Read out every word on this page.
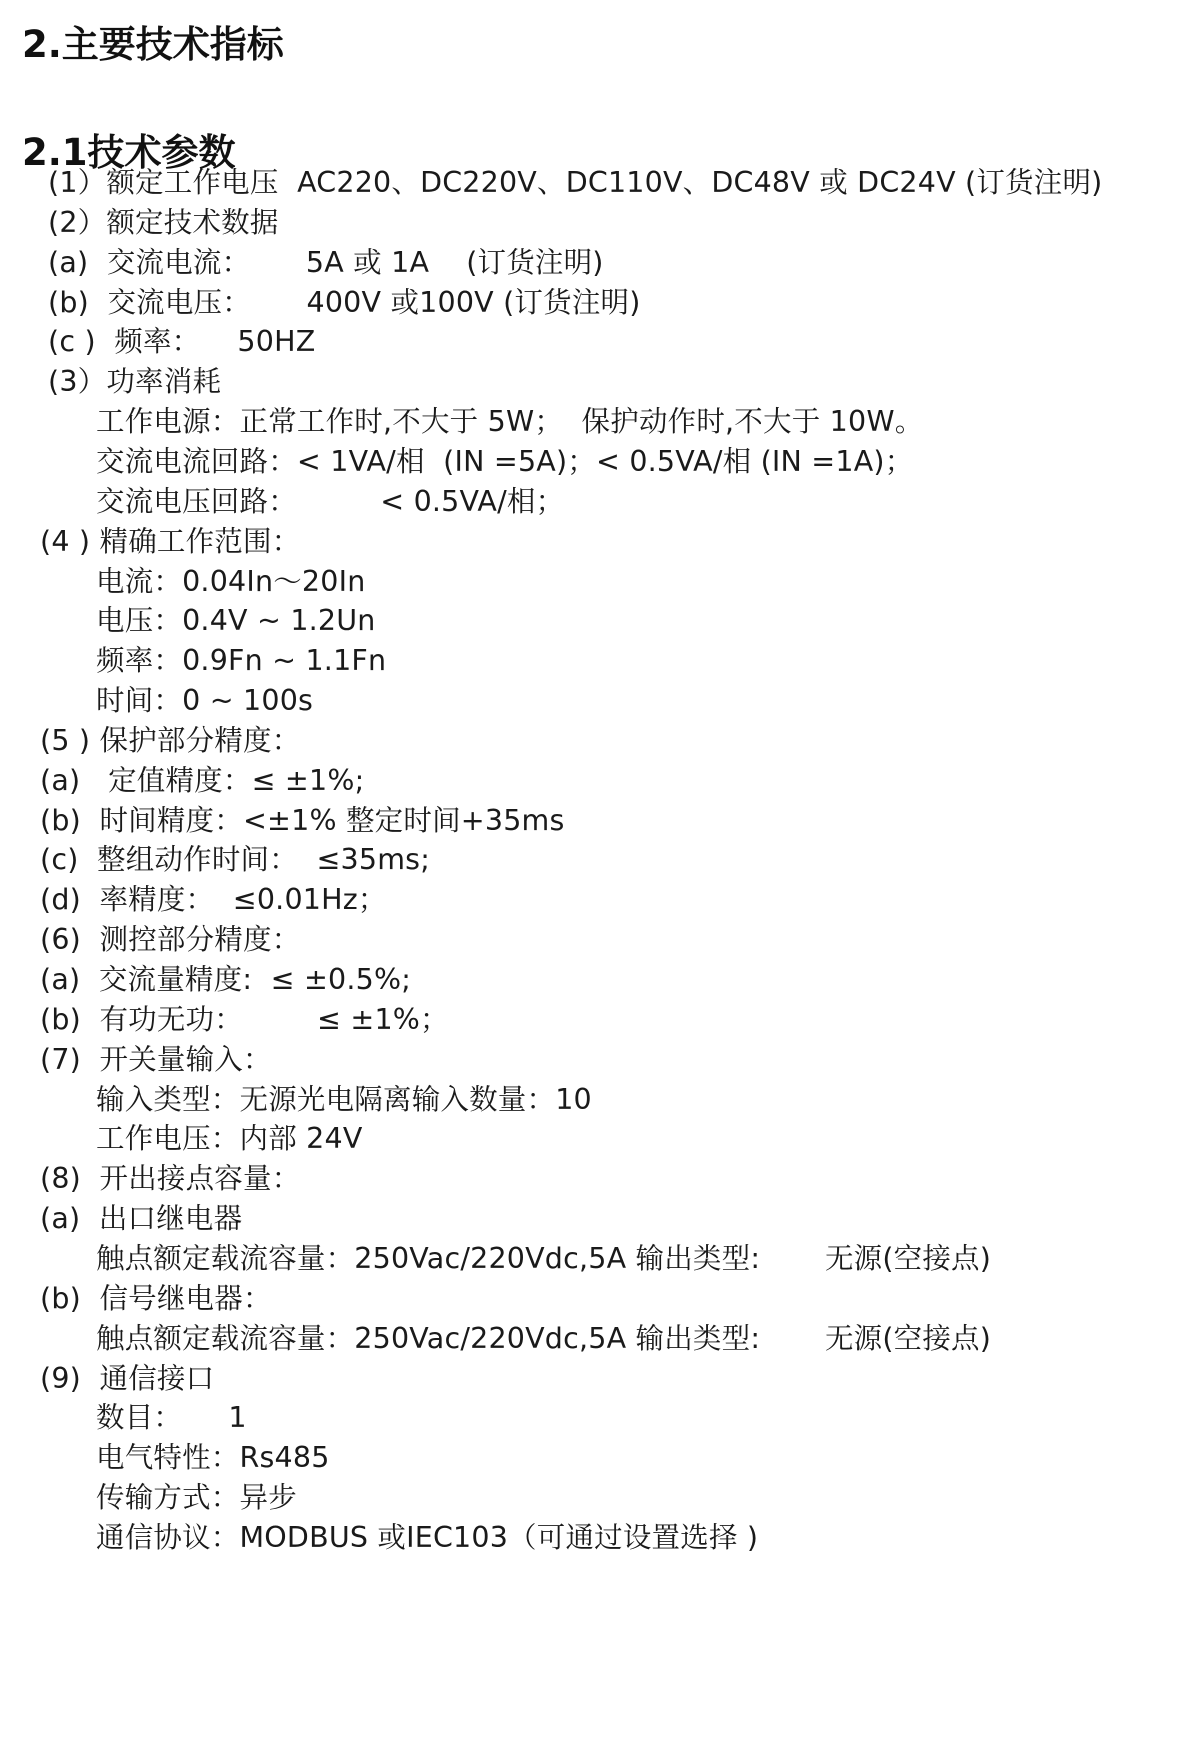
2.主要技术指标
2.1技术参数
(1）额定工作电压  AC220、DC220V、DC110V、DC48V 或 DC24V (订货注明)
(2）额定技术数据
(a)  交流电流：      5A 或 1A    (订货注明)
(b)  交流电压：      400V 或100V (订货注明)
(c )  频率：    50HZ
(3）功率消耗
工作电源：正常工作时,不大于 5W；  保护动作时,不大于 10W。
交流电流回路：< 1VA/相  (IN =5A)；< 0.5VA/相 (IN =1A)；
交流电压回路：         < 0.5VA/相；
(4 ) 精确工作范围：
电流：0.04In～20In
电压：0.4V ~ 1.2Un
频率：0.9Fn ~ 1.1Fn
时间：0 ~ 100s
(5 ) 保护部分精度：
(a)   定值精度：≤ ±1%;
(b)  时间精度：<±1% 整定时间+35ms
(c)  整组动作时间：  ≤35ms;
(d)  率精度：  ≤0.01Hz；
(6)  测控部分精度：
(a)  交流量精度:  ≤ ±0.5%;
(b)  有功无功：        ≤ ±1%；
(7)  开关量输入：
输入类型：无源光电隔离输入数量：10
工作电压：内部 24V
(8)  开出接点容量：
(a)  出口继电器
触点额定载流容量：250Vac/220Vdc,5A 输出类型:       无源(空接点)
(b)  信号继电器：
触点额定载流容量：250Vac/220Vdc,5A 输出类型:       无源(空接点)
(9)  通信接口
数目：     1
电气特性：Rs485
传输方式：异步
通信协议：MODBUS 或IEC103（可通过设置选择 )
